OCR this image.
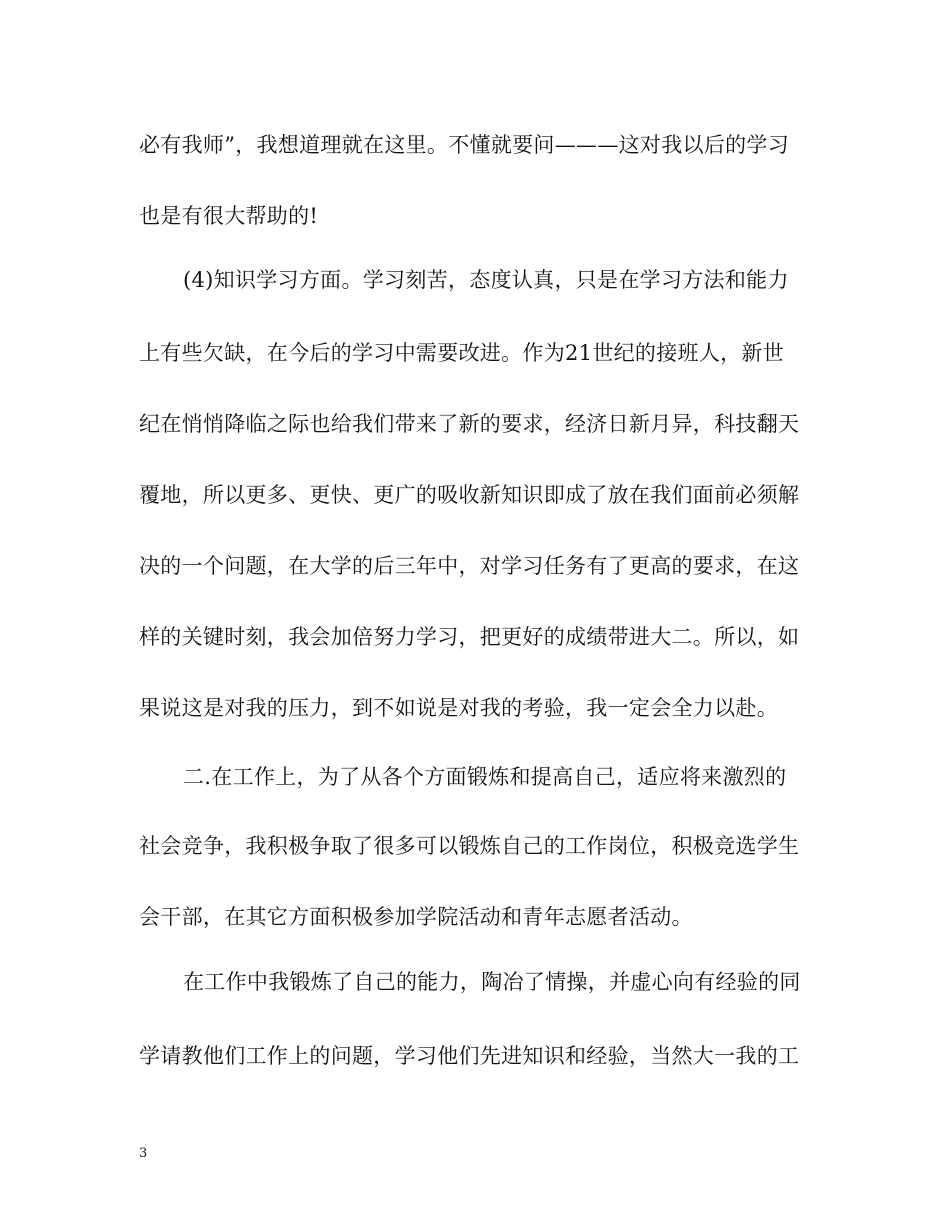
必有我师”，我想道理就在这里。不懂就要问———这对我以后的学习
也是有很大帮助的!
(4)知识学习方面。学习刻苦，态度认真，只是在学习方法和能力
上有些欠缺，在今后的学习中需要改进。作为21世纪的接班人，新世
纪在悄悄降临之际也给我们带来了新的要求，经济日新月异，科技翻天
覆地，所以更多、更快、更广的吸收新知识即成了放在我们面前必须解
决的一个问题，在大学的后三年中，对学习任务有了更高的要求，在这
样的关键时刻，我会加倍努力学习，把更好的成绩带进大二。所以，如
果说这是对我的压力，到不如说是对我的考验，我一定会全力以赴。
二.在工作上，为了从各个方面锻炼和提高自己，适应将来激烈的
社会竞争，我积极争取了很多可以锻炼自己的工作岗位，积极竞选学生
会干部，在其它方面积极参加学院活动和青年志愿者活动。
在工作中我锻炼了自己的能力，陶冶了情操，并虚心向有经验的同
学请教他们工作上的问题，学习他们先进知识和经验，当然大一我的工
3
